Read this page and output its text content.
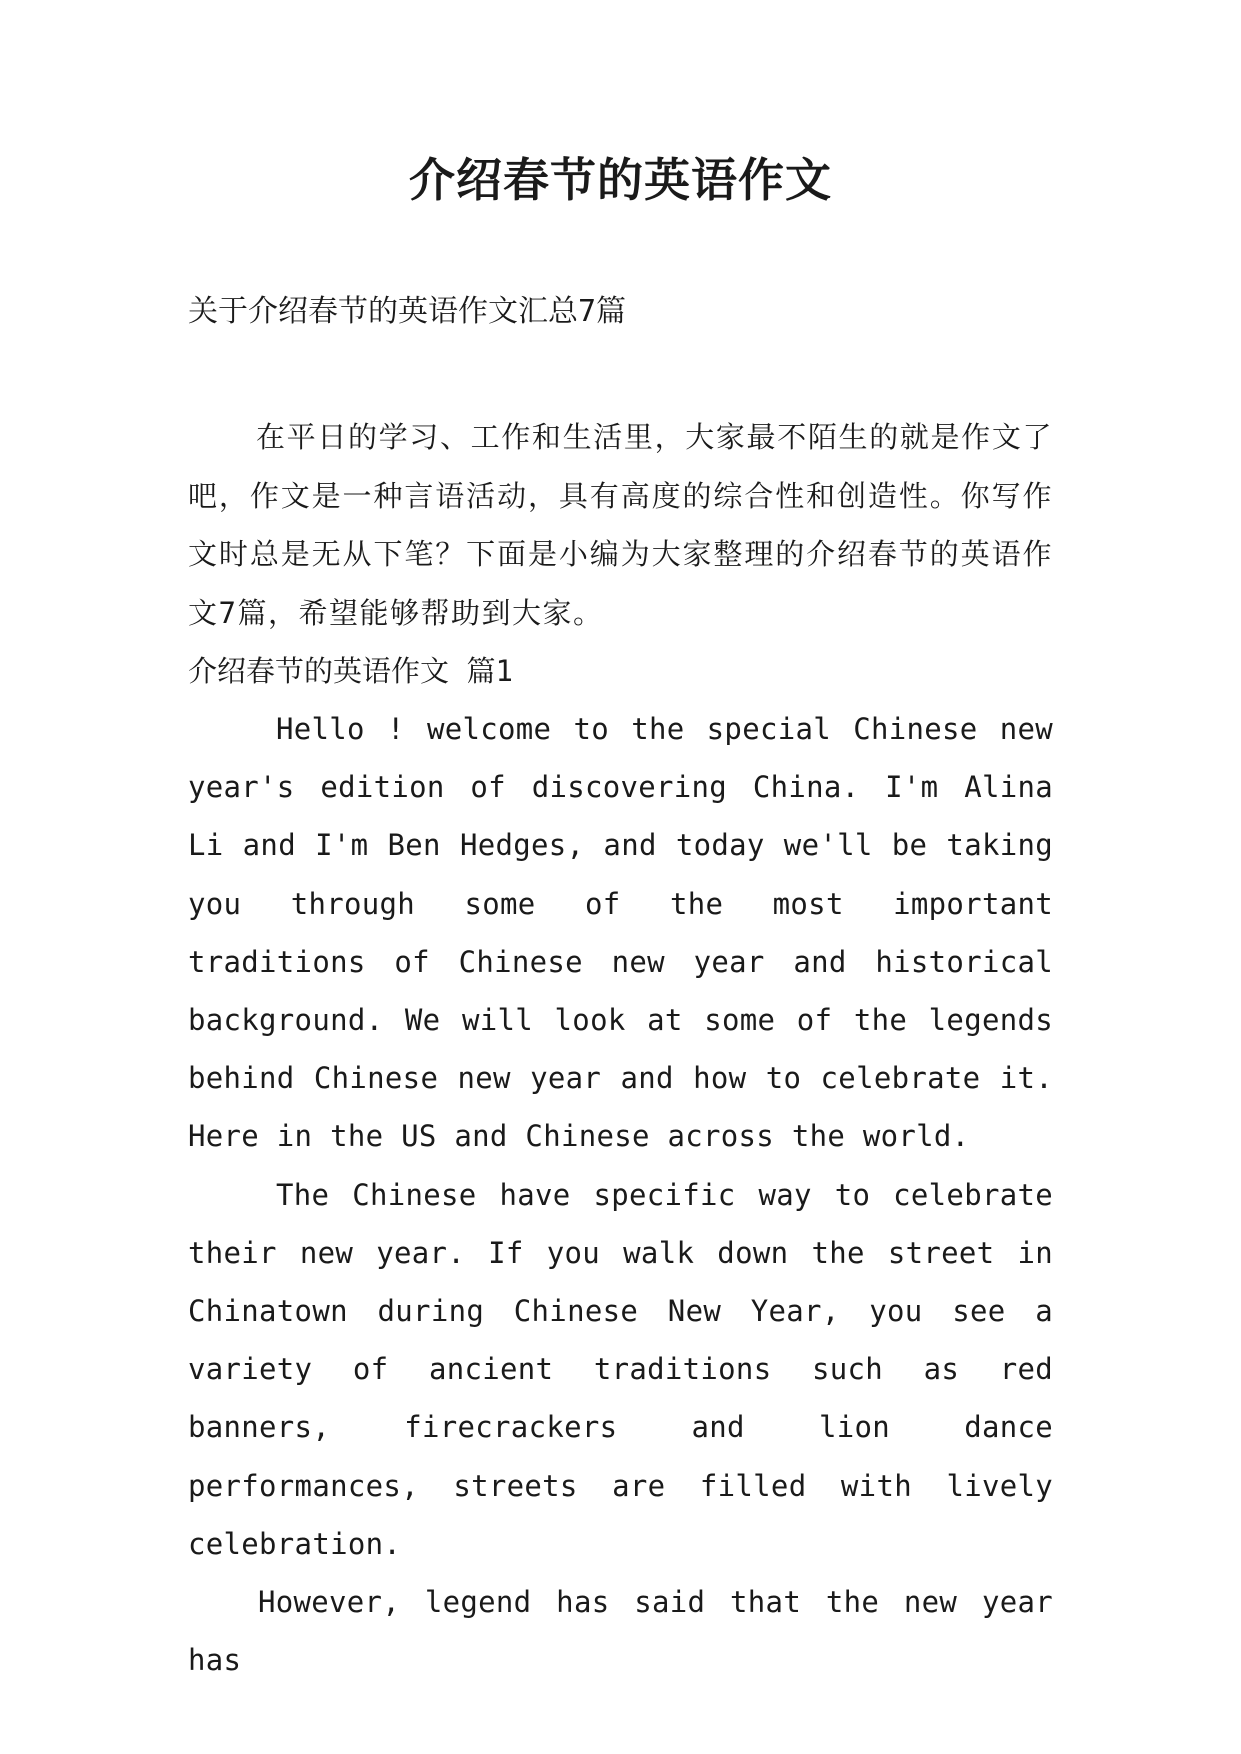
介绍春节的英语作文
关于介绍春节的英语作文汇总7篇

在平日的学习、工作和生活里，大家最不陌生的就是作文了吧，作文是一种言语活动，具有高度的综合性和创造性。你写作文时总是无从下笔？下面是小编为大家整理的介绍春节的英语作文7篇，希望能够帮助到大家。

介绍春节的英语作文 篇1

Hello ! welcome to the special Chinese new year's edition of discovering China. I'm Alina Li and I'm Ben Hedges, and today we'll be taking you through some of the most important traditions of Chinese new year and historical background. We will look at some of the legends behind Chinese new year and how to celebrate it. Here in the US and Chinese across the world.

The Chinese have specific way to celebrate their new year. If you walk down the street in Chinatown during Chinese New Year, you see a variety of ancient traditions such as red banners, firecrackers and lion dance performances, streets are filled with lively celebration.

However, legend has said that the new year has
